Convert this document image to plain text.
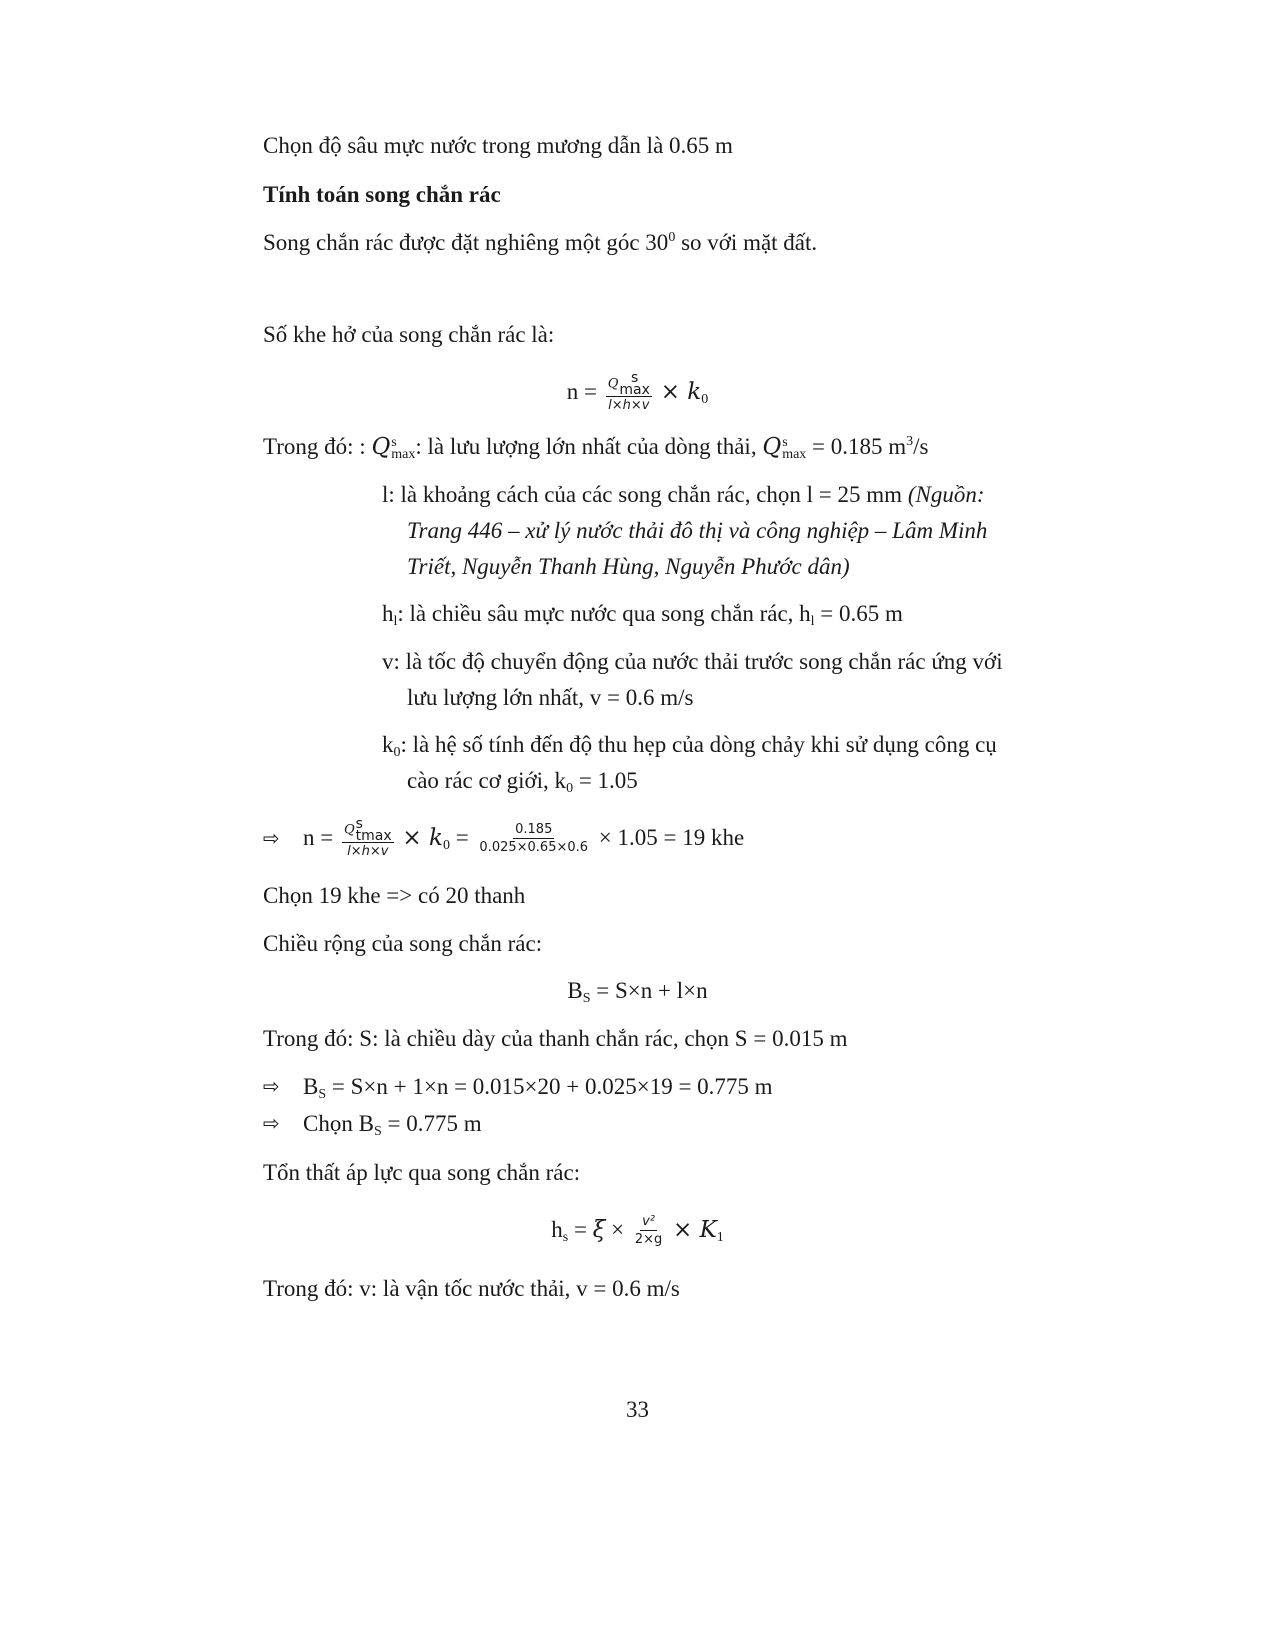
Chọn độ sâu mực nước trong mương dẫn là 0.65 m
Tính toán song chắn rác
Song chắn rác được đặt nghiêng một góc $30^0$ so với mặt đất.
Số khe hở của song chắn rác là:
n = Q s
max
$l\times h\times v \times k_0$
Trong đó: : Q s
max : là lưu lượng lớn nhất của dòng thải, Q s
max = 0.185 $m^3/s$
l: là khoảng cách của các song chắn rác, chọn l = 25 mm (Nguồn:
Trang 446 – xử lý nước thải đô thị và công nghiệp – Lâm Minh
Triết, Nguyễn Thanh Hùng, Nguyễn Phước dân)
$h_l$: là chiều sâu mực nước qua song chắn rác, $h_l = 0.65$ m
v: là tốc độ chuyển động của nước thải trước song chắn rác ứng với
lưu lượng lớn nhất, v = 0.6 m/s
$k_0$: là hệ số tính đến độ thu hẹp của dòng chảy khi sử dụng công cụ
cào rác cơ giới, $k_0 = 1.05$
⇨ n = Q s
tmax
$l\times h\times v \times k_0 = \frac{0.185}{0.025\times 0.65\times 0.6} \times 1.05 = 19$ khe
Chọn 19 khe => có 20 thanh
Chiều rộng của song chắn rác:
$B_S = S\times n + l\times n$
Trong đó: S: là chiều dày của thanh chắn rác, chọn S = 0.015 m
⇨ $B_S = S\times n + 1\times n = 0.015\times 20 + 0.025\times 19 = 0.775$ m
⇨ Chọn $B_S = 0.775$ m
Tổn thất áp lực qua song chắn rác:
$h_s = \xi \times \frac{\text{v²}}{2\times g} \times K_1$
Trong đó: v: là vận tốc nước thải, v = 0.6 m/s
33
